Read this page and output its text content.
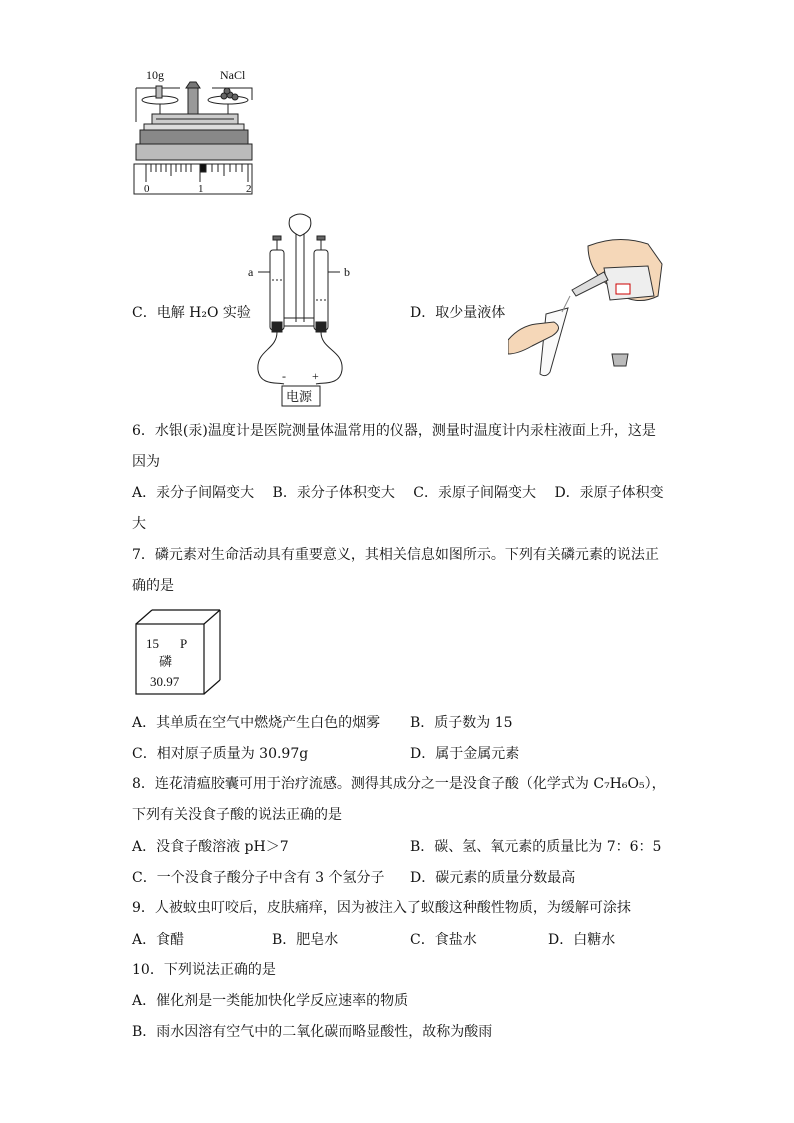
10g	NaCl
0	1	2
a	b
- +
电源
C．电解 H₂O 实验	D．取少量液体
6．水银(汞)温度计是医院测量体温常用的仪器，测量时温度计内汞柱液面上升，这是
因为
A．汞分子间隔变大　 B．汞分子体积变大　 C．汞原子间隔变大　 D．汞原子体积变
大
7．磷元素对生命活动具有重要意义，其相关信息如图所示。下列有关磷元素的说法正
确的是
15 P
磷
30.97
A．其单质在空气中燃烧产生白色的烟雾 B．质子数为 15
C．相对原子质量为 30.97g	D．属于金属元素
8．连花清瘟胶囊可用于治疗流感。测得其成分之一是没食子酸（化学式为 C₇H₆O₅），
下列有关没食子酸的说法正确的是
A．没食子酸溶液 pH＞7	B．碳、氢、氧元素的质量比为 7：6：5
C．一个没食子酸分子中含有 3 个氢分子 D．碳元素的质量分数最高
9．人被蚊虫叮咬后，皮肤痛痒，因为被注入了蚁酸这种酸性物质，为缓解可涂抹
A．食醋	B．肥皂水	C．食盐水	D．白糖水
10．下列说法正确的是
A．催化剂是一类能加快化学反应速率的物质
B．雨水因溶有空气中的二氧化碳而略显酸性，故称为酸雨
